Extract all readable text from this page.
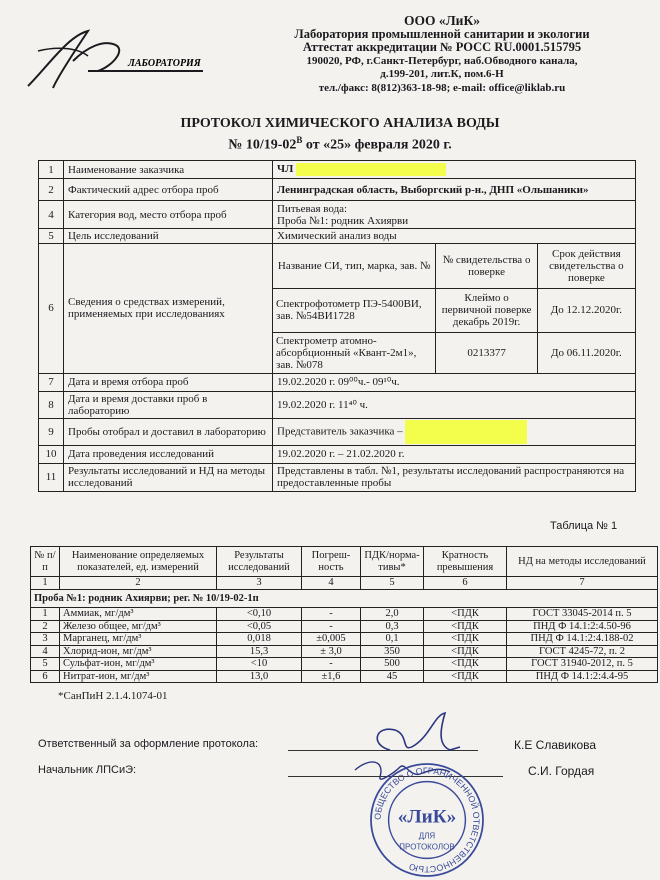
ЛАБОРАТОРИЯ
ООО «ЛиК»
Лаборатория промышленной санитарии и экологии
Аттестат аккредитации № РОСС RU.0001.515795
190020, РФ, г.Санкт-Петербург, наб.Обводного канала,
д.199-201, лит.К, пом.6-Н
тел./факс: 8(812)363-18-98; e-mail: office@liklab.ru
ПРОТОКОЛ ХИМИЧЕСКОГО АНАЛИЗА ВОДЫ
№ $10/19-02^В$ от «25» февраля 2020 г.
1	Наименование заказчика	ЧЛ
2	Фактический адрес отбора проб	Ленинградская область, Выборгский р-н., ДНП «Ольшаники»
4	Категория вод, место отбора проб	Питьевая вода:
Проба №1: родник Ахиярви

5	Цель исследований	Химический анализ воды
6	Сведения о средствах измерений, применяемых при исследованиях	
Название СИ, тип, марка, зав. №	№ свидетельства о поверке	Срок действия свидетельства о поверке
Спектрофотометр ПЭ-5400ВИ, зав. №54ВИ1728	Клеймо о первичной поверке декабрь 2019г.	До 12.12.2020г.
Спектрометр атомно-абсорбционный «Квант-2м1», зав. №078	0213377	До 06.11.2020г.

7	Дата и время отбора проб	19.02.2020 г. 09⁰⁰ч.- 09¹⁰ч.
8	Дата и время доставки проб в лабораторию	19.02.2020 г. 11⁴⁰ ч.
9	Пробы отобрал и доставил в лабораторию	Представитель заказчика –
10	Дата проведения исследований	19.02.2020 г. – 21.02.2020 г.
11	Результаты исследований и НД на методы исследований	Представлены в табл. №1, результаты исследований распространяются на предоставленные пробы
Таблица № 1
№ п/п	Наименование определяемых показателей, ед. измерений	Результаты исследований	Погреш-ность	ПДК/норма-тивы*	Кратность превышения	НД на методы исследований
1	2	3	4	5	6	7
Проба №1: родник Ахиярви; рег. № 10/19-02-1п						
1	Аммиак, мг/дм³	<0,10	-	2,0	<ПДК	ГОСТ 33045-2014 п. 5
2	Железо общее, мг/дм³	<0,05	-	0,3	<ПДК	ПНД Ф 14.1:2:4.50-96
3	Марганец, мг/дм³	0,018	±0,005	0,1	<ПДК	ПНД Ф 14.1:2:4.188-02
4	Хлорид-ион, мг/дм³	15,3	± 3,0	350	<ПДК	ГОСТ 4245-72, п. 2
5	Сульфат-ион, мг/дм³	<10	-	500	<ПДК	ГОСТ 31940-2012, п. 5
6	Нитрат-ион, мг/дм³	13,0	±1,6	45	<ПДК	ПНД Ф 14.1:2:4.4-95
*СанПиН 2.1.4.1074-01
Ответственный за оформление протокола:	К.Е Славикова
Начальник ЛПСиЭ:	С.И. Гордая
ОБЩЕСТВО С ОГРАНИЧЕННОЙ ОТВЕТСТВЕННОСТЬЮ
«ЛиК»
ДЛЯ
ПРОТОКОЛОВ
